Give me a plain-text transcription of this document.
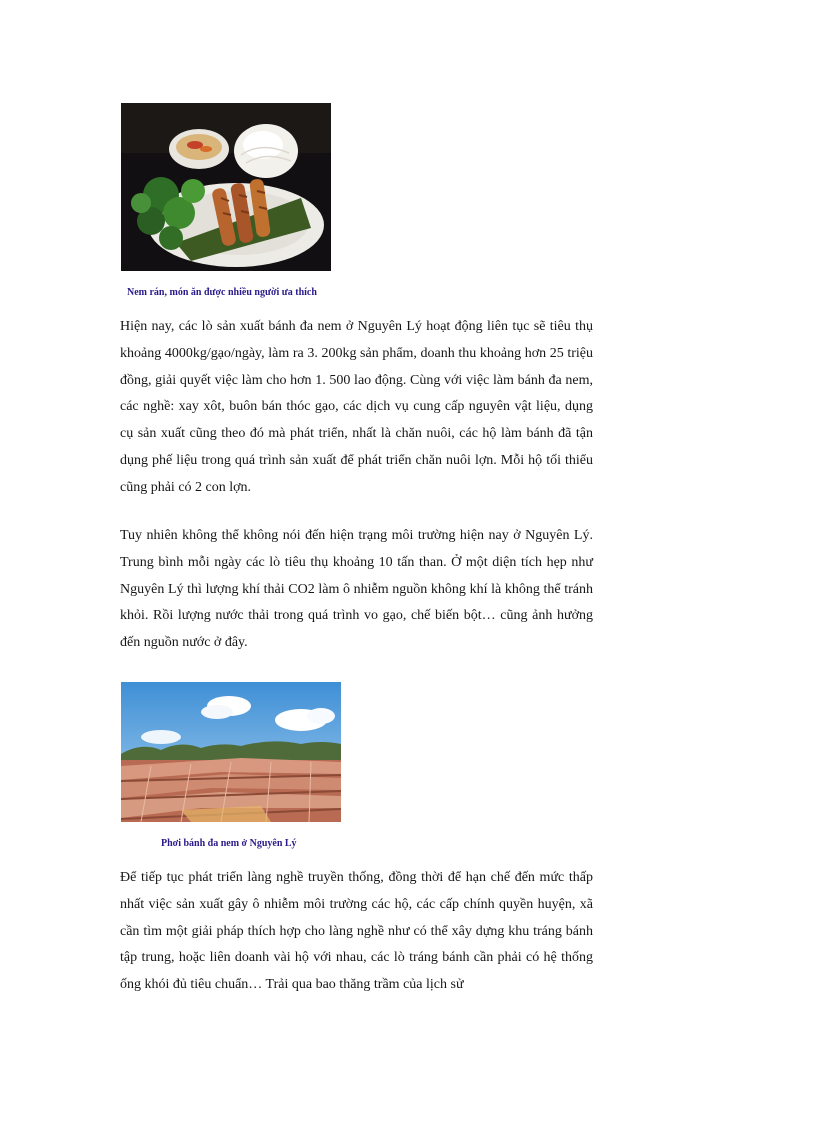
Nem rán, món ăn được nhiều người ưa thích

Hiện nay, các lò sản xuất bánh đa nem ở Nguyên Lý hoạt động liên tục sẽ tiêu thụ khoảng 4000kg/gạo/ngày, làm ra 3. 200kg sản phẩm, doanh thu khoảng hơn 25 triệu đồng, giải quyết việc làm cho hơn 1. 500 lao động. Cùng với việc làm bánh đa nem, các nghề: xay xôt, buôn bán thóc gạo, các dịch vụ cung cấp nguyên vật liệu, dụng cụ sản xuất cũng theo đó mà phát triển, nhất là chăn nuôi, các hộ làm bánh đã tận dụng phế liệu trong quá trình sản xuất để phát triển chăn nuôi lợn. Mỗi hộ tối thiểu cũng phải có 2 con lợn.

Tuy nhiên không thể không nói đến hiện trạng môi trường hiện nay ở Nguyên Lý. Trung bình mỗi ngày các lò tiêu thụ khoảng 10 tấn than. Ở một diện tích hẹp như Nguyên Lý thì lượng khí thải CO2 làm ô nhiễm nguồn không khí là không thể tránh khỏi. Rồi lượng nước thải trong quá trình vo gạo, chế biến bột… cũng ảnh hưởng đến nguồn nước ở đây.

Phơi bánh đa nem ở Nguyên Lý

Để tiếp tục phát triển làng nghề truyền thống, đồng thời để hạn chế đến mức thấp nhất việc sản xuất gây ô nhiễm môi trường các hộ, các cấp chính quyền huyện, xã cần tìm một giải pháp thích hợp cho làng nghề như có thể xây dựng khu tráng bánh tập trung, hoặc liên doanh vài hộ với nhau, các lò tráng bánh cần phải có hệ thống ống khói đủ tiêu chuẩn… Trải qua bao thăng trầm của lịch sử
